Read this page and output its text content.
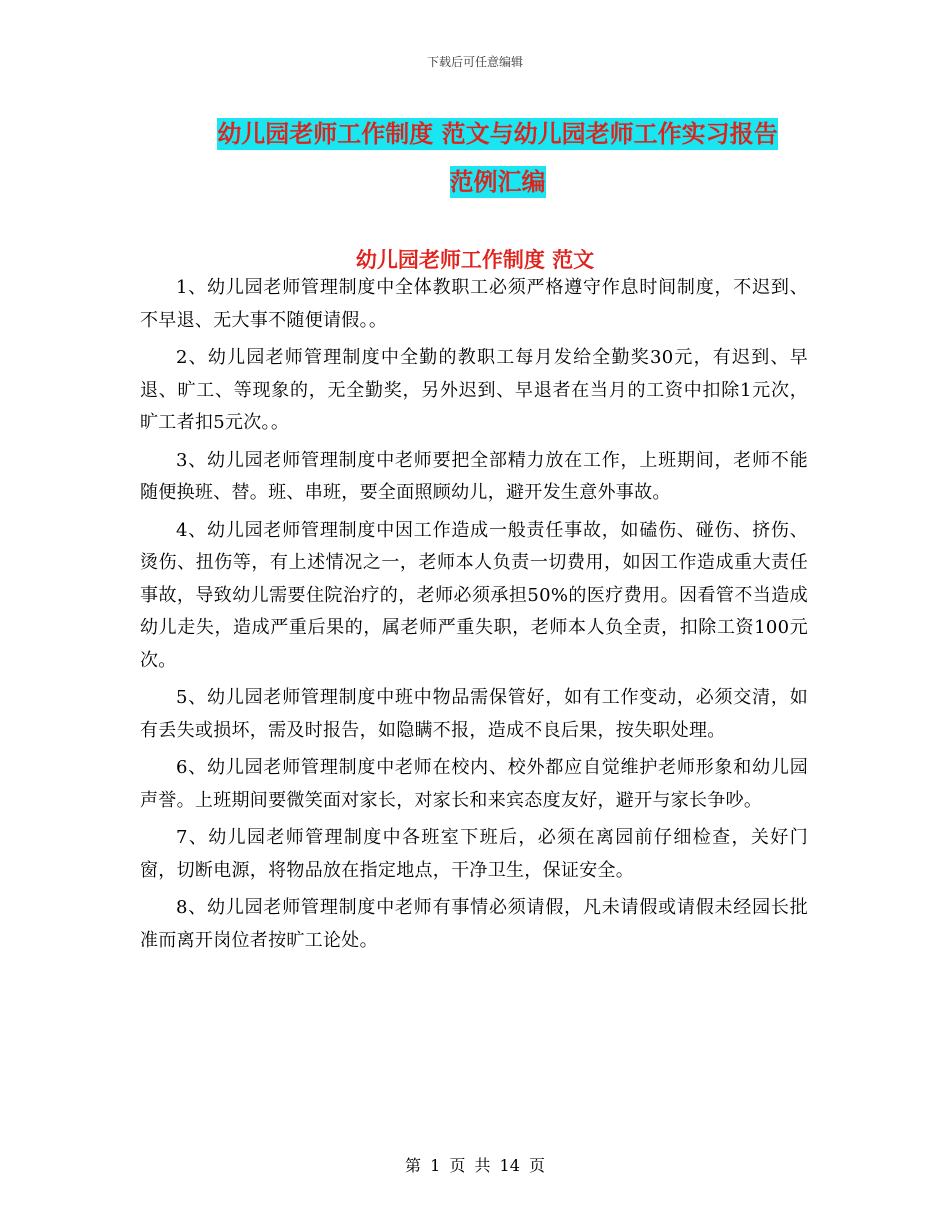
下载后可任意编辑
幼儿园老师工作制度 范文与幼儿园老师工作实习报告
范例汇编
幼儿园老师工作制度 范文

1、幼儿园老师管理制度中全体教职工必须严格遵守作息时间制度，不迟到、不早退、无大事不随便请假。。

2、幼儿园老师管理制度中全勤的教职工每月发给全勤奖30元，有迟到、早退、旷工、等现象的，无全勤奖，另外迟到、早退者在当月的工资中扣除1元次，旷工者扣5元次。。

3、幼儿园老师管理制度中老师要把全部精力放在工作，上班期间，老师不能随便换班、替。班、串班，要全面照顾幼儿，避开发生意外事故。

4、幼儿园老师管理制度中因工作造成一般责任事故，如磕伤、碰伤、挤伤、烫伤、扭伤等，有上述情况之一，老师本人负责一切费用，如因工作造成重大责任事故，导致幼儿需要住院治疗的，老师必须承担50%的医疗费用。因看管不当造成幼儿走失，造成严重后果的，属老师严重失职，老师本人负全责，扣除工资100元次。

5、幼儿园老师管理制度中班中物品需保管好，如有工作变动，必须交清，如有丢失或损坏，需及时报告，如隐瞒不报，造成不良后果，按失职处理。

6、幼儿园老师管理制度中老师在校内、校外都应自觉维护老师形象和幼儿园声誉。上班期间要微笑面对家长，对家长和来宾态度友好，避开与家长争吵。

7、幼儿园老师管理制度中各班室下班后，必须在离园前仔细检查，关好门窗，切断电源，将物品放在指定地点，干净卫生，保证安全。

8、幼儿园老师管理制度中老师有事情必须请假，凡未请假或请假未经园长批准而离开岗位者按旷工论处。

第 1 页 共 14 页
